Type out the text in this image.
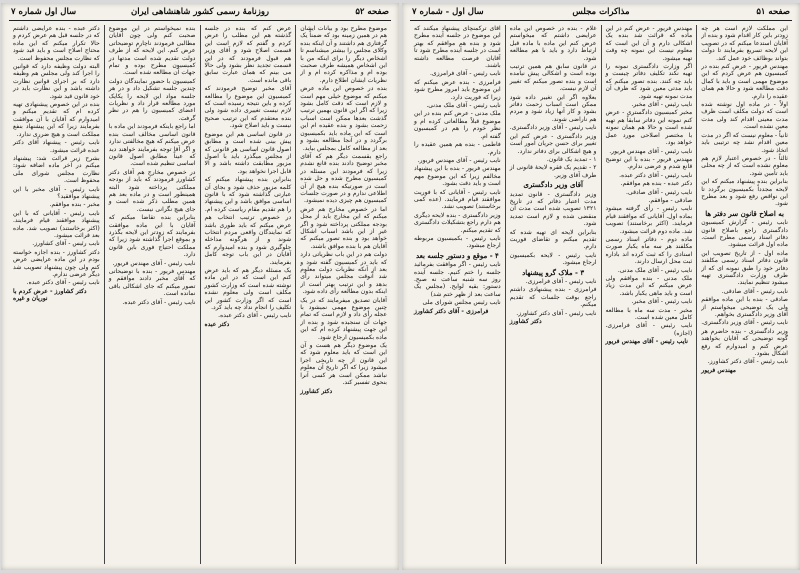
سال اول شماره ۷	روزنامهٔ رسمی کشور شاهنشاهی ایران	صفحه ۵۲

موضوع مطرح بود و بیانات ایشان هم در همین زمینه بود که ضمناً یک گرفتاری هم داشتند و آن اینکه بنده وکلای مجلس را بیشتر میشناسم تا اشخاص دیگر را برای اینکه من با این اشخاص همیشه طرف صحبت بوده ام و مذاکره کرده ام و از نظریات ایشان اطلاع دارم.

بنده در خصوص این ماده عرض میکنم که موضوع خیلی مهم است و لازم است که دقت کامل بشود زیرا که اگر این قانون بهمین ترتیب گذشت بعدها ممکن است اسباب زحمت بشود و بنده عقیده ام این است که این ماده باید بکمیسیون برگردد و در آنجا مطالعه بشود و بعد از مطالعه کامل بمجلس بیاید.

راجع بقسمت دیگر هم که آقای مخبر توضیح دادند بنده قانع نشدم زیرا که فرمودند این مسئله در کمیسیون مطرح شده و حل شده است در صورتیکه بنده هیچ از آن اطلاعی ندارم و در صورت جلسات کمیسیون هم چیزی دیده نمیشود.

اما در خصوص مخارج هم عرض میکنم که این مخارج باید از محل بودجه مملکتی پرداخته شود و اگر غیر از این باشد اسباب اشکال خواهد بود و بنده تصور میکنم که آقایان هم با بنده موافق باشند.

دولت هم در این باب نظریاتی دارد که باید در کمیسیون گفته شود و بعد از آنکه نظریات دولت معلوم شد آنوقت مجلس میتواند رأی بدهد و این ترتیب بهتر است از اینکه بدون مطالعه رأی داده شود.

آقایان تصدیق میفرمایند که در یک چنین موضوع مهمی نمیشود با عجله رأی داد و لازم است که تمام جهات آن سنجیده شود و بنده از این جهت پیشنهاد کرده ام که این ماده بکمیسیون ارجاع شود.

یک موضوع دیگر هم هست و آن این است که باید معلوم شود که این قانون از چه تاریخی اجرا میشود زیرا که اگر تاریخ آن معلوم نباشد ممکن است هر کسی آنرا بنحوی تفسیر کند.

دکتر کشاورز

عرض کنم که بنده در جلسه گذشته هم این مطلب را عرض کردم و گفتم که لازم است این قسمت اصلاح شود و آقای وزیر هم قبول فرمودند که در این قسمت تجدید نظر بشود ولی حالا می بینم که همان عبارت سابق باقی مانده است.

آقای مخبر توضیح فرمودند که کمیسیون این موضوع را مطالعه کرده و باین نتیجه رسیده است که لازم نیست تغییری داده شود ولی بنده معتقدم که این ترتیب صحیح نیست و باید اصلاح شود.

در قانون اساسی هم این موضوع پیش بینی شده است و مطابق اصول قانون اساسی هر قانونی که از مجلس میگذرد باید با اصول مزبور مطابقت داشته باشد و الا قابل اجرا نخواهد بود.

بنابراین بنده پیشنهاد میکنم که کلمه مزبور حذف شود و بجای آن عبارتی گذاشته شود که با قانون اساسی موافق باشد و این پیشنهاد را هم تقدیم مقام ریاست کرده ام.

در خصوص ترتیب انتخاب هم عرض میکنم که باید طوری باشد که نمایندگان واقعی مردم انتخاب شوند و از هرگونه مداخله جلوگیری شود و بنده امیدوارم که آقایان در این باب توجه کامل بفرمایند.

یک مسئله دیگر هم که باید عرض کنم این است که در این ماده نوشته شده است که وزارت کشور مکلف است ولی معلوم نشده است که اگر وزارت کشور این تکلیف را انجام نداد چه باید کرد.

نایب رئیس - آقای دکتر عبده.

دکتر عبده

بنده نمیخواستم در این موضوع صحبت کنم ولی چون آقایان مطالبی فرمودند ناچارم توضیحاتی عرض کنم. این لایحه که از طرف دولت تقدیم شده است مدتها در کمیسیون مطرح بوده و تمام جهات آن مطالعه شده است.

کمیسیون با حضور نمایندگان دولت چندین جلسه تشکیل داد و در هر جلسه مواد این لایحه را یکایک مورد مطالعه قرار داد و نظریات اعضای کمیسیون را هم در نظر گرفت.

اما راجع باینکه فرمودند این ماده با قانون اساسی مخالف است بنده عرض میکنم که هیچ مخالفتی ندارد و اگر آقا توجه بفرمایند خواهند دید که عیناً مطابق اصول قانون اساسی تنظیم شده است.

در خصوص مخارج هم آقای دکتر کشاورز فرمودند که باید از بودجه مملکتی پرداخته شود البته همینطور است و در ماده بعد هم همین مطلب ذکر شده است و جای هیچ نگرانی نیست.

بنابراین بنده تقاضا میکنم که آقایان با این ماده موافقت بفرمایند که زودتر این لایحه بگذرد و بموقع اجرا گذاشته شود زیرا که مملکت احتیاج فوری باین قانون دارد.

نایب رئیس - آقای مهندس فریور.

مهندس فریور - بنده با توضیحاتی که آقای مخبر دادند موافقم و تصور میکنم که جای اشکالی باقی نمانده است.

نایب رئیس - آقای دکتر عبده.

دکتر عبده - بنده عرایضی داشتم که در جلسه قبل هم عرض کردم و حالا تکرار میکنم که این ماده محتاج اصلاح است و باید قید شود که نظارت مجلس محفوظ است.

البته دولت وظیفه دارد که قوانین را اجرا کند ولی مجلس هم وظیفه دارد که بر اجرای قوانین نظارت داشته باشد و این نظارت باید در خود قانون قید شود.

بنده در این خصوص پیشنهادی تهیه کرده ام که تقدیم میکنم و امیدوارم که آقایان با آن موافقت بفرمایند زیرا که این پیشنهاد بنفع مملکت است و هیچ ضرری ندارد.

نایب رئیس - پیشنهاد آقای دکتر عبده قرائت میشود.

بشرح زیر قرائت شد: پیشنهاد میکنم در آخر ماده اضافه شود: نظارت مجلس شورای ملی محفوظ است.

نایب رئیس - آقای مخبر با این پیشنهاد موافقید؟

مخبر - بنده موافقم.

نایب رئیس - آقایانی که با این پیشنهاد موافقند قیام فرمایند. (اکثر برخاستند) تصویب شد. ماده بعد قرائت میشود.

نایب رئیس - آقای کشاورز.

دکتر کشاورز - بنده اجازه خواسته بودم در این ماده عرایضی عرض کنم ولی چون پیشنهاد تصویب شد دیگر عرضی ندارم.

نایب رئیس - آقای دکتر عبده.

دکتر کشاورز - عرض کردم با نوریان و غیره
سال اول - شماره ۷	مذاکرات مجلس	صفحه ۵۱

این مملکت لازم است هر چه زودتر باین کار اقدام شود و بنده از آقایان استدعا میکنم که در تصویب این لایحه تسریع بفرمایند تا دولت بتواند بوظائف خود عمل کند.

مهندس فریور - عرض کنم بنده در کمیسیون هم عرض کردم که این موضوع مهمی است و باید با کمال دقت مطالعه شود و حالا هم همان عقیده را دارم.

اولاً - در ماده اول نوشته شده است که دولت مکلف است ظرف مدت معینی اقدام کند ولی مدت معین نشده است.

ثانیاً - معلوم نیست که اگر در مدت معین اقدام نشد چه ترتیبی باید اتخاذ شود.

ثالثاً - در خصوص اعتبار لازم هم معلوم نشده است که از چه محلی باید تأمین شود.

بنابراین بنده پیشنهاد میکنم که این لایحه مجدداً بکمیسیون برگردد تا این نواقص رفع شود و بعد مطرح شود.

به اصلاح قانون سر دفتر ها

نایب رئیس - گزارش کمیسیون دادگستری راجع باصلاح قانون دفاتر اسناد رسمی مطرح است. ماده اول قرائت میشود.

ماده اول - از تاریخ تصویب این قانون دفاتر اسناد رسمی مکلفند دفاتر خود را طبق نمونه ای که از طرف وزارت دادگستری تهیه میشود تنظیم نمایند.

نایب رئیس - آقای صادقی.

صادقی - بنده با این ماده موافقم ولی یک توضیحی میخواستم از آقای وزیر دادگستری بخواهم.

نایب رئیس - آقای وزیر دادگستری.

وزیر دادگستری - بنده حاضرم هر گونه توضیحی که آقایان بخواهند عرض کنم و امیدوارم که رفع اشکال بشود.

نایب رئیس - آقای دکتر کشاورز.

مهندس فریور

مهندس فریور - عرض کنم در این ماده که قرائت شد بنده یک اشکالی دارم و آن این است که معلوم نیست این نمونه چه وقت تهیه میشود.

اگر وزارت دادگستری نمونه را تهیه نکند تکلیف دفاتر چیست و باید چه کنند. بنده تصور میکنم که باید مدتی معین شود که ظرف آن مدت نمونه تهیه شود.

نایب رئیس - آقای مخبر.

مخبر کمیسیون دادگستری - عرض کنم نمونه این دفاتر سابقاً هم تهیه شده است و حالا هم همان نمونه با مختصر اصلاحی مورد عمل خواهد بود.

نایب رئیس - آقای مهندس فریور.

مهندس فریور - بنده با این توضیح قانع شدم و عرضی ندارم.

نایب رئیس - آقای دکتر عبده.

دکتر عبده - بنده هم موافقم.

نایب رئیس - آقای صادقی.

صادقی - موافقم.

نایب رئیس - رأی گرفته میشود بماده اول. آقایانی که موافقند قیام فرمایند. (اکثر برخاستند) تصویب شد. ماده دوم قرائت میشود.

ماده دوم - دفاتر اسناد رسمی مکلفند هر سه ماه یکبار صورت اسنادی را که ثبت کرده اند باداره ثبت محل ارسال دارند.

نایب رئیس - آقای ملک مدنی.

ملک مدنی - بنده موافقم ولی عرض میکنم که این مدت زیاد است و باید ماهی یکبار باشد.

نایب رئیس - آقای مخبر.

مخبر - مدت سه ماه با مطالعه کامل معین شده است.

نایب رئیس - آقای فرامرزی. (اجازه)

نایب رئیس - آقای مهندس فریور

غلام - بنده در خصوص این ماده عرایضی داشتم که میخواستم عرض کنم این ماده با ماده قبل ارتباط دارد و باید با هم مطالعه شود.

در قانون سابق هم همین ترتیب بوده است و اشکالی پیش نیامده است و بنده تصور میکنم که تغییر آن لازم نیست.

بعلاوه اگر این تغییر داده شود ممکن است اسباب زحمت دفاتر بشود و کار آنها زیاد شود و مردم هم ناراضی شوند.

نایب رئیس - آقای وزیر دادگستری.

وزیر دادگستری - عرض کنم این تغییر برای حسن جریان امور است و هیچ اشکالی برای دفاتر ندارد.

۱ - تمدید یک قانون.

۲ - تقدیم یک فقره لایحهٔ قانونی از طرف آقای وزیر.

آقای وزیر دادگستری

وزیر دادگستری - قانون تمدید مدت اعتبار دفاتر که در تاریخ ۱۳۲۱ تصویب شده است مدت آن منقضی شده و لازم است تمدید شود.

بنابراین لایحه ای تهیه شده که تقدیم میکنم و تقاضای فوریت دارم.

نایب رئیس - لایحه بکمیسیون ارجاع میشود.

۳ - ملاک گرو پیشنهاد

نایب رئیس - آقای فرامرزی.

فرامرزی - بنده پیشنهادی داشتم راجع بوقت جلسات که تقدیم میکنم.

نایب رئیس - آقای دکتر کشاورز.

دکتر کشاورز

آقای ترکمنچای پیشنهاد میکنند که این موضوع در جلسه آینده مطرح شود و بنده هم موافقم که بهتر است در جلسه آینده مطرح شود تا آقایان فرصت مطالعه داشته باشند.

نایب رئیس - آقای فرامرزی.

فرامرزی - بنده عرض میکنم که این موضوع باید امروز مطرح شود زیرا که فوریت دارد.

نایب رئیس - آقای ملک مدنی.

ملک مدنی - عرض کنم بنده در این موضوع قبلاً مطالعاتی کرده ام و نظر خودم را هم در کمیسیون گفته ام.

فاطمی - بنده هم همین عقیده را دارم.

نایب رئیس - آقای مهندس فریور.

مهندس فریور - بنده با این پیشنهاد مخالفم زیرا که این موضوع مهم است و باید دقت بشود.

نایب رئیس - آقایانی که با فوریت موافقند قیام فرمایند. (عده کمی برخاستند) تصویب نشد.

وزیر دادگستری - بنده لایحه دیگری هم دارم راجع بتشکیلات دادگستری که تقدیم میکنم.

نایب رئیس - بکمیسیون مربوطه ارجاع میشود.

۴ - موقع و دستور جلسه بعد

نایب رئیس - اگر موافقت بفرمائید جلسه را ختم کنیم. جلسه آینده روز سه شنبه ساعت نه صبح. دستور: بقیه لوایح. (مجلس یک ساعت بعد از ظهر ختم شد)

نایب رئیس مجلس شورای ملی

فرامرزی - آقای دکتر کشاورز
